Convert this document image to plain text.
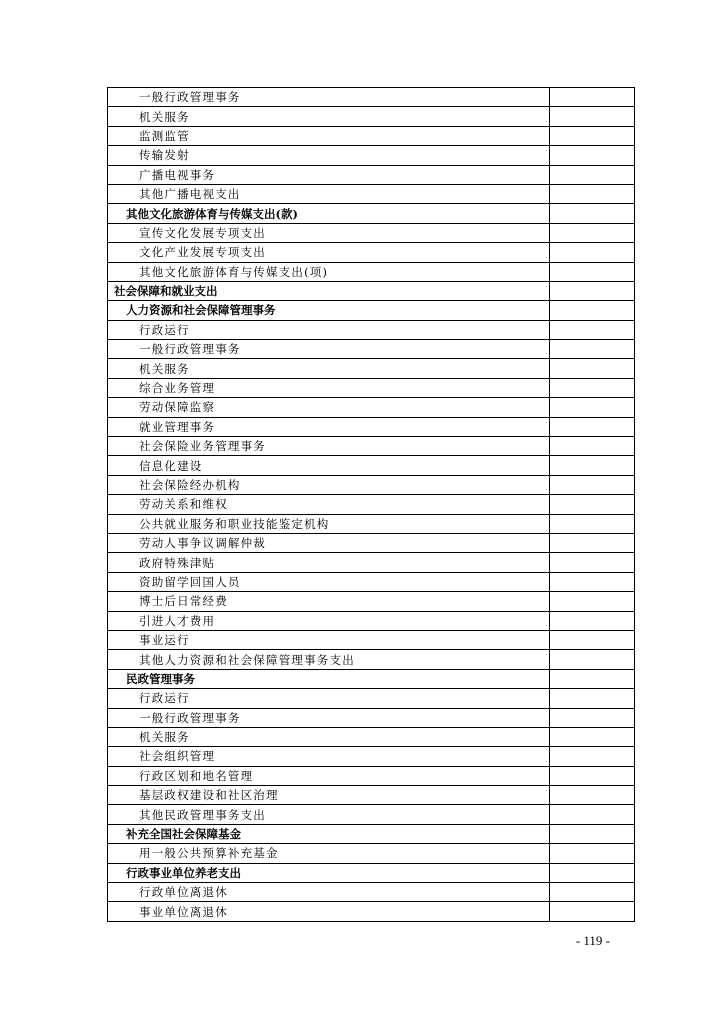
一般行政管理事务	
机关服务	
监测监管	
传输发射	
广播电视事务	
其他广播电视支出	
其他文化旅游体育与传媒支出(款)	
宣传文化发展专项支出	
文化产业发展专项支出	
其他文化旅游体育与传媒支出(项)	
社会保障和就业支出	
人力资源和社会保障管理事务	
行政运行	
一般行政管理事务	
机关服务	
综合业务管理	
劳动保障监察	
就业管理事务	
社会保险业务管理事务	
信息化建设	
社会保险经办机构	
劳动关系和维权	
公共就业服务和职业技能鉴定机构	
劳动人事争议调解仲裁	
政府特殊津贴	
资助留学回国人员	
博士后日常经费	
引进人才费用	
事业运行	
其他人力资源和社会保障管理事务支出	
民政管理事务	
行政运行	
一般行政管理事务	
机关服务	
社会组织管理	
行政区划和地名管理	
基层政权建设和社区治理	
其他民政管理事务支出	
补充全国社会保障基金	
用一般公共预算补充基金	
行政事业单位养老支出	
行政单位离退休	
事业单位离退休	
- 119 -
